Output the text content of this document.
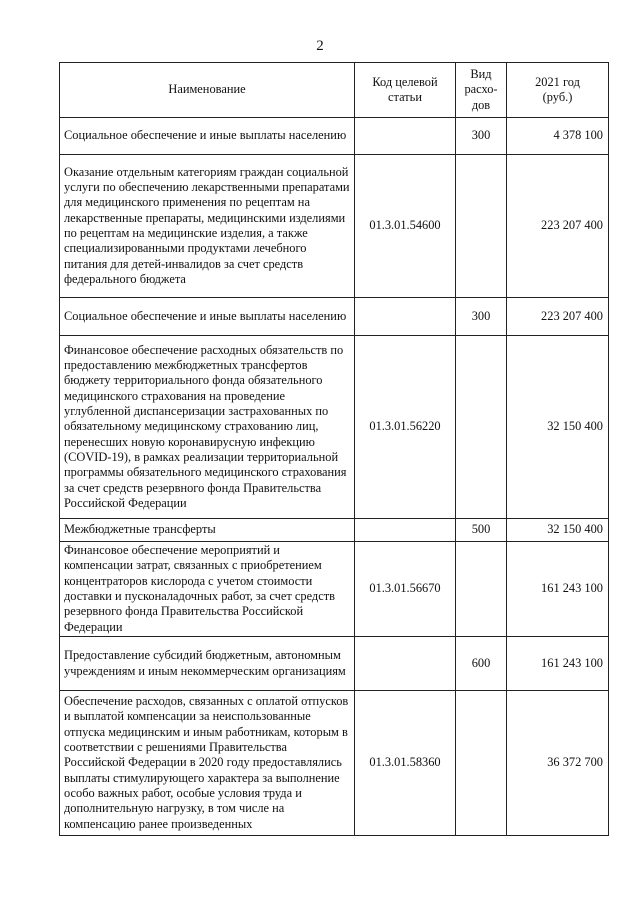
2
Наименование	Код целевой статьи	Вид расхо-дов	2021 год (руб.)
Социальное обеспечение и иные выплаты населению		300	4 378 100
Оказание отдельным категориям граждан социальной услуги по обеспечению лекарственными препаратами для медицинского применения по рецептам на лекарственные препараты, медицинскими изделиями по рецептам на медицинские изделия, а также специализированными продуктами лечебного питания для детей-инвалидов за счет средств федерального бюджета	01.3.01.54600		223 207 400
Социальное обеспечение и иные выплаты населению		300	223 207 400
Финансовое обеспечение расходных обязательств по предоставлению межбюджетных трансфертов бюджету территориального фонда обязательного медицинского страхования на проведение углубленной диспансеризации застрахованных по обязательному медицинскому страхованию лиц, перенесших новую коронавирусную инфекцию (COVID-19), в рамках реализации территориальной программы обязательного медицинского страхования за счет средств резервного фонда Правительства Российской Федерации	01.3.01.56220		32 150 400
Межбюджетные трансферты		500	32 150 400
Финансовое обеспечение мероприятий и компенсации затрат, связанных с приобретением концентраторов кислорода с учетом стоимости доставки и пусконаладочных работ, за счет средств резервного фонда Правительства Российской Федерации	01.3.01.56670		161 243 100
Предоставление субсидий бюджетным, автономным учреждениям и иным некоммерческим организациям		600	161 243 100
Обеспечение расходов, связанных с оплатой отпусков и выплатой компенсации за неиспользованные отпуска медицинским и иным работникам, которым в соответствии с решениями Правительства Российской Федерации в 2020 году предоставлялись выплаты стимулирующего характера за выполнение особо важных работ, особые условия труда и дополнительную нагрузку, в том числе на компенсацию ранее произведенных	01.3.01.58360		36 372 700
